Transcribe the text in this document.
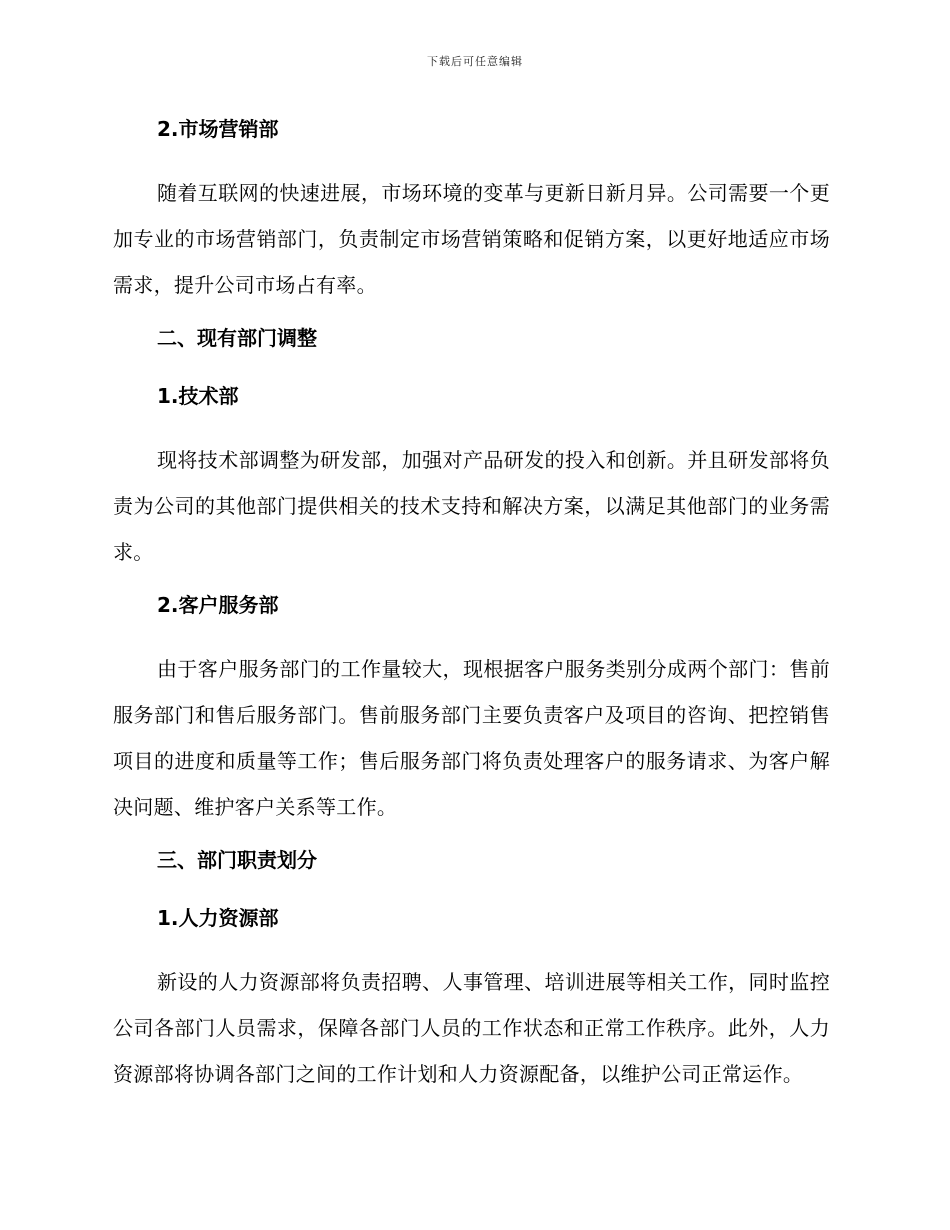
下载后可任意编辑
2.市场营销部
随着互联网的快速进展，市场环境的变革与更新日新月异。公司需要一个更加专业的市场营销部门，负责制定市场营销策略和促销方案，以更好地适应市场需求，提升公司市场占有率。
二、现有部门调整
1.技术部
现将技术部调整为研发部，加强对产品研发的投入和创新。并且研发部将负责为公司的其他部门提供相关的技术支持和解决方案，以满足其他部门的业务需求。
2.客户服务部
由于客户服务部门的工作量较大，现根据客户服务类别分成两个部门：售前服务部门和售后服务部门。售前服务部门主要负责客户及项目的咨询、把控销售项目的进度和质量等工作；售后服务部门将负责处理客户的服务请求、为客户解决问题、维护客户关系等工作。
三、部门职责划分
1.人力资源部
新设的人力资源部将负责招聘、人事管理、培训进展等相关工作，同时监控公司各部门人员需求，保障各部门人员的工作状态和正常工作秩序。此外，人力资源部将协调各部门之间的工作计划和人力资源配备，以维护公司正常运作。
